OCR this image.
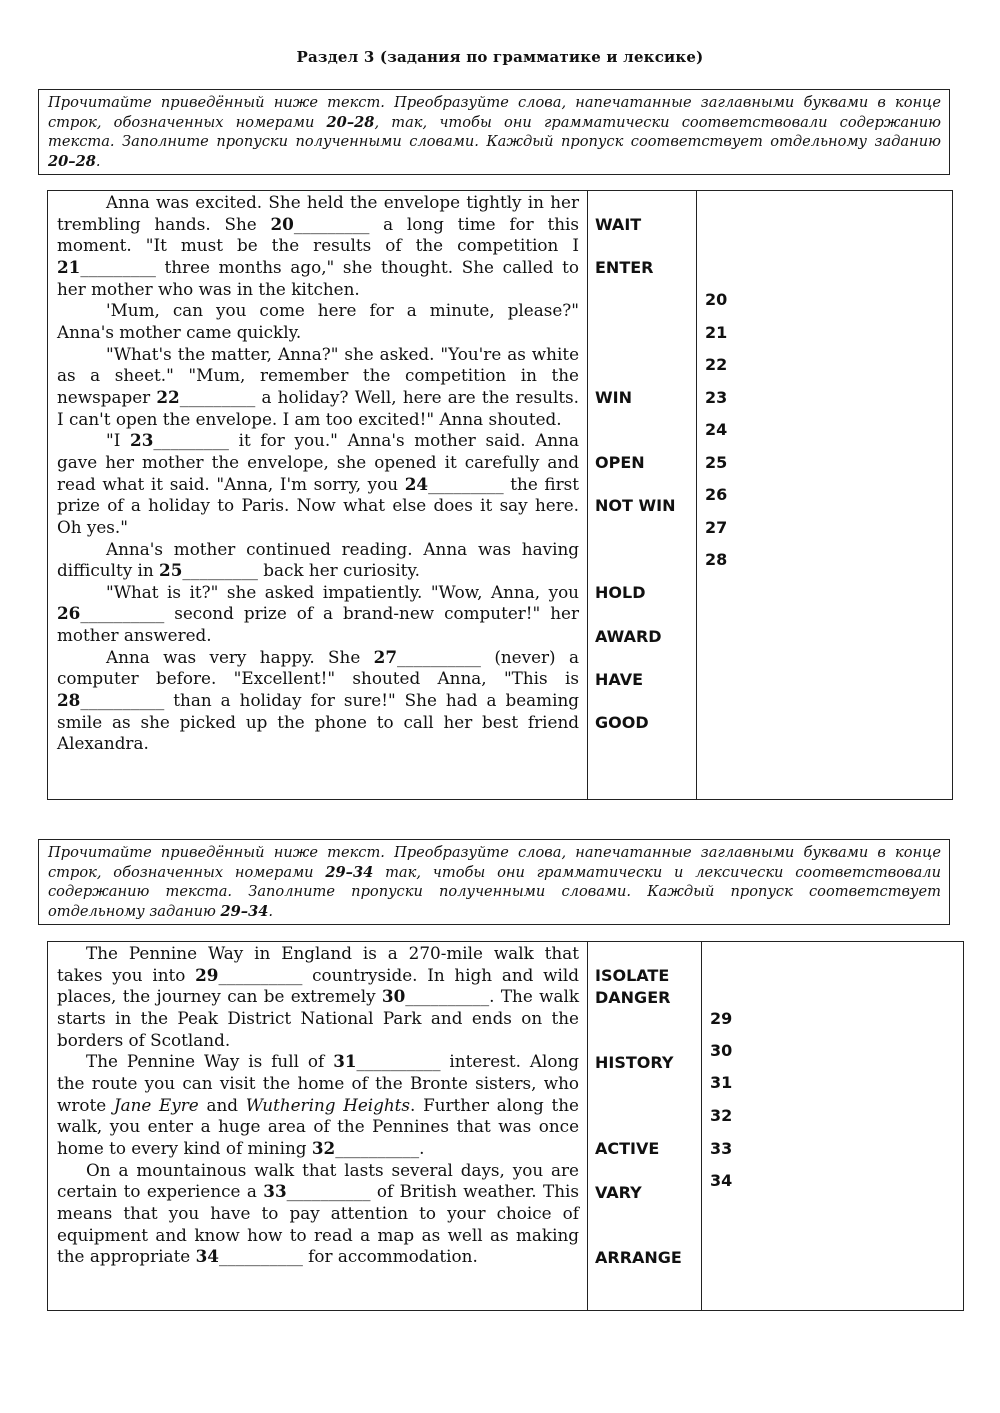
Раздел 3 (задания по грамматике и лексике)
Прочитайте приведённый ниже текст. Преобразуйте слова, напечатанные заглавными буквами в конце строк, обозначенных номерами 20–28, так, чтобы они грамматически соответствовали содержанию текста. Заполните пропуски полученными словами. Каждый пропуск соответствует отдельному заданию 20–28.

Anna was excited. She held the envelope tightly in her trembling hands. She 20_________ a long time for this moment. "It must be the results of the competition I 21_________ three months ago," she thought. She called to her mother who was in the kitchen.

'Mum, can you come here for a minute, please?" Anna's mother came quickly.

"What's the matter, Anna?" she asked. "You're as white as a sheet." "Mum, remember the competition in the newspaper 22_________ a holiday? Well, here are the results. I can't open the envelope. I am too excited!" Anna shouted.

"I 23_________ it for you." Anna's mother said. Anna gave her mother the envelope, she opened it carefully and read what it said. "Anna, I'm sorry, you 24_________ the first prize of a holiday to Paris. Now what else does it say here. Oh yes."

Anna's mother continued reading. Anna was having difficulty in 25_________ back her curiosity.

"What is it?" she asked impatiently. "Wow, Anna, you 26__________ second prize of a brand-new computer!" her mother answered.

Anna was very happy. She 27__________ (never) a computer before. "Excellent!" shouted Anna, "This is 28__________ than a holiday for sure!" She had a beaming smile as she picked up the phone to call her best friend Alexandra.

WAIT
ENTER
WIN
OPEN
NOT WIN
HOLD
AWARD
HAVE
GOOD
20
21
22
23
24
25
26
27
28
Прочитайте приведённый ниже текст. Преобразуйте слова, напечатанные заглавными буквами в конце строк, обозначенных номерами 29–34 так, чтобы они грамматически и лексически соответствовали содержанию текста. Заполните пропуски полученными словами. Каждый пропуск соответствует отдельному заданию 29–34.

The Pennine Way in England is a 270-mile walk that takes you into 29__________ countryside. In high and wild places, the journey can be extremely 30__________. The walk starts in the Peak District National Park and ends on the borders of Scotland.

The Pennine Way is full of 31__________ interest. Along the route you can visit the home of the Bronte sisters, who wrote Jane Eyre and Wuthering Heights. Further along the walk, you enter a huge area of the Pennines that was once home to every kind of mining 32__________.

On a mountainous walk that lasts several days, you are certain to experience a 33__________ of British weather. This means that you have to pay attention to your choice of equipment and know how to read a map as well as making the appropriate 34__________ for accommodation.

ISOLATE
DANGER
HISTORY
ACTIVE
VARY
ARRANGE
29
30
31
32
33
34
